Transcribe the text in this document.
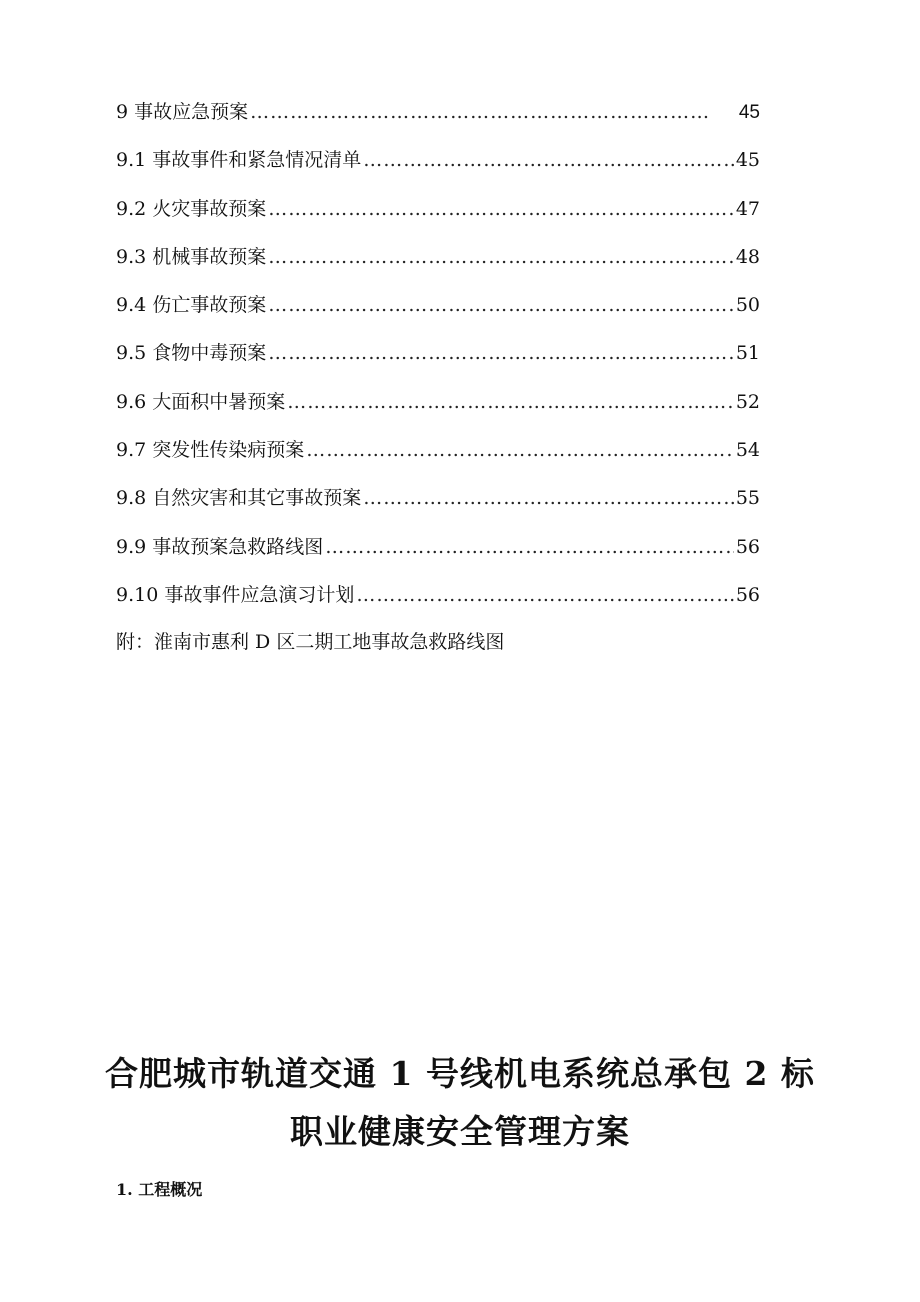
9 事故应急预案 ……………………………………………………………………………………………………………………	45
9.1 事故事件和紧急情况清单 ……………………………………………………………………………………………………………………	45
9.2 火灾事故预案 ……………………………………………………………………………………………………………………	47
9.3 机械事故预案 ……………………………………………………………………………………………………………………	48
9.4 伤亡事故预案 ……………………………………………………………………………………………………………………	50
9.5 食物中毒预案 ……………………………………………………………………………………………………………………	51
9.6 大面积中暑预案 ……………………………………………………………………………………………………………………	52
9.7 突发性传染病预案 ……………………………………………………………………………………………………………………	54
9.8 自然灾害和其它事故预案 ……………………………………………………………………………………………………………………	55
9.9 事故预案急救路线图 ……………………………………………………………………………………………………………………	56
9.10 事故事件应急演习计划 ……………………………………………………………………………………………………………………	56
附：淮南市惠利 D 区二期工地事故急救路线图
合肥城市轨道交通 1 号线机电系统总承包 2 标
职业健康安全管理方案
1. 工程概况
